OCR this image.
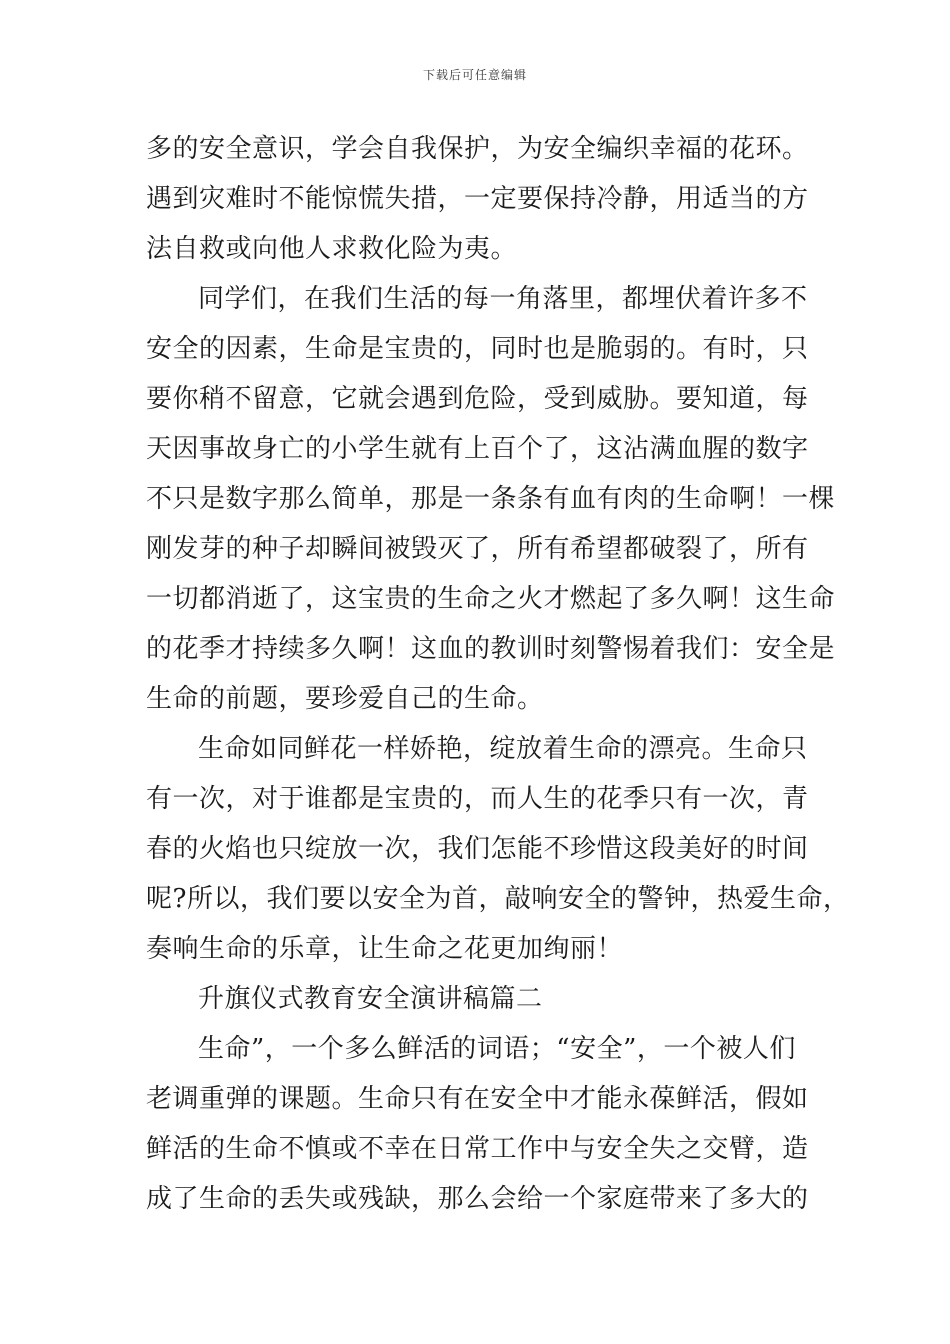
下载后可任意编辑
多的安全意识，学会自我保护，为安全编织幸福的花环。
遇到灾难时不能惊慌失措，一定要保持冷静，用适当的方
法自救或向他人求救化险为夷。
同学们，在我们生活的每一角落里，都埋伏着许多不
安全的因素，生命是宝贵的，同时也是脆弱的。有时，只
要你稍不留意，它就会遇到危险，受到威胁。要知道，每
天因事故身亡的小学生就有上百个了，这沾满血腥的数字
不只是数字那么简单，那是一条条有血有肉的生命啊！一棵
刚发芽的种子却瞬间被毁灭了，所有希望都破裂了，所有
一切都消逝了，这宝贵的生命之火才燃起了多久啊！这生命
的花季才持续多久啊！这血的教训时刻警惕着我们：安全是
生命的前题，要珍爱自己的生命。
生命如同鲜花一样娇艳，绽放着生命的漂亮。生命只
有一次，对于谁都是宝贵的，而人生的花季只有一次，青
春的火焰也只绽放一次，我们怎能不珍惜这段美好的时间
呢?所以，我们要以安全为首，敲响安全的警钟，热爱生命，
奏响生命的乐章，让生命之花更加绚丽！
升旗仪式教育安全演讲稿篇二
生命”，一个多么鲜活的词语；“安全”，一个被人们
老调重弹的课题。生命只有在安全中才能永葆鲜活，假如
鲜活的生命不慎或不幸在日常工作中与安全失之交臂，造
成了生命的丢失或残缺，那么会给一个家庭带来了多大的
